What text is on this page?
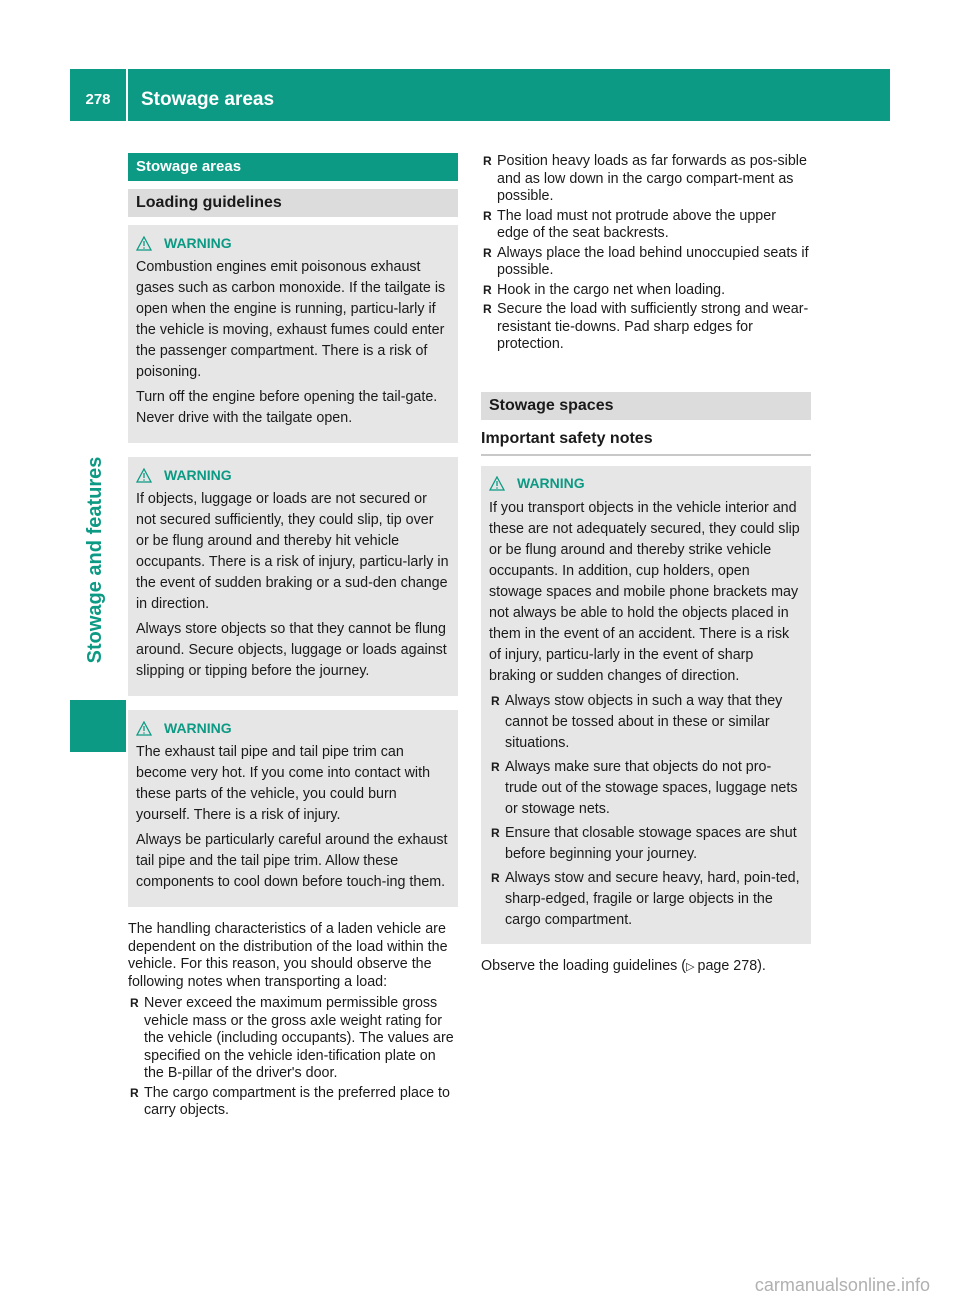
278	Stowage areas
Stowage and features
Stowage areas
Loading guidelines
WARNING

Combustion engines emit poisonous exhaust gases such as carbon monoxide. If the tailgate is open when the engine is running, particu-larly if the vehicle is moving, exhaust fumes could enter the passenger compartment. There is a risk of poisoning.

Turn off the engine before opening the tail-gate. Never drive with the tailgate open.

WARNING

If objects, luggage or loads are not secured or not secured sufficiently, they could slip, tip over or be flung around and thereby hit vehicle occupants. There is a risk of injury, particu-larly in the event of sudden braking or a sud-den change in direction.

Always store objects so that they cannot be flung around. Secure objects, luggage or loads against slipping or tipping before the journey.

WARNING

The exhaust tail pipe and tail pipe trim can become very hot. If you come into contact with these parts of the vehicle, you could burn yourself. There is a risk of injury.

Always be particularly careful around the exhaust tail pipe and the tail pipe trim. Allow these components to cool down before touch-ing them.

The handling characteristics of a laden vehicle are dependent on the distribution of the load within the vehicle. For this reason, you should observe the following notes when transporting a load:

R Never exceed the maximum permissible gross vehicle mass or the gross axle weight rating for the vehicle (including occupants). The values are specified on the vehicle iden-tification plate on the B-pillar of the driver's door.
R The cargo compartment is the preferred place to carry objects.
R Position heavy loads as far forwards as pos-sible and as low down in the cargo compart-ment as possible.
R The load must not protrude above the upper edge of the seat backrests.
R Always place the load behind unoccupied seats if possible.
R Hook in the cargo net when loading.
R Secure the load with sufficiently strong and wear-resistant tie-downs. Pad sharp edges for protection.
Stowage spaces
Important safety notes
WARNING

If you transport objects in the vehicle interior and these are not adequately secured, they could slip or be flung around and thereby strike vehicle occupants. In addition, cup holders, open stowage spaces and mobile phone brackets may not always be able to hold the objects placed in them in the event of an accident. There is a risk of injury, particu-larly in the event of sharp braking or sudden changes of direction.

R Always stow objects in such a way that they cannot be tossed about in these or similar situations.
R Always make sure that objects do not pro-trude out of the stowage spaces, luggage nets or stowage nets.
R Ensure that closable stowage spaces are shut before beginning your journey.
R Always stow and secure heavy, hard, poin-ted, sharp-edged, fragile or large objects in the cargo compartment.

Observe the loading guidelines (▷ page 278).

carmanualsonline.info
